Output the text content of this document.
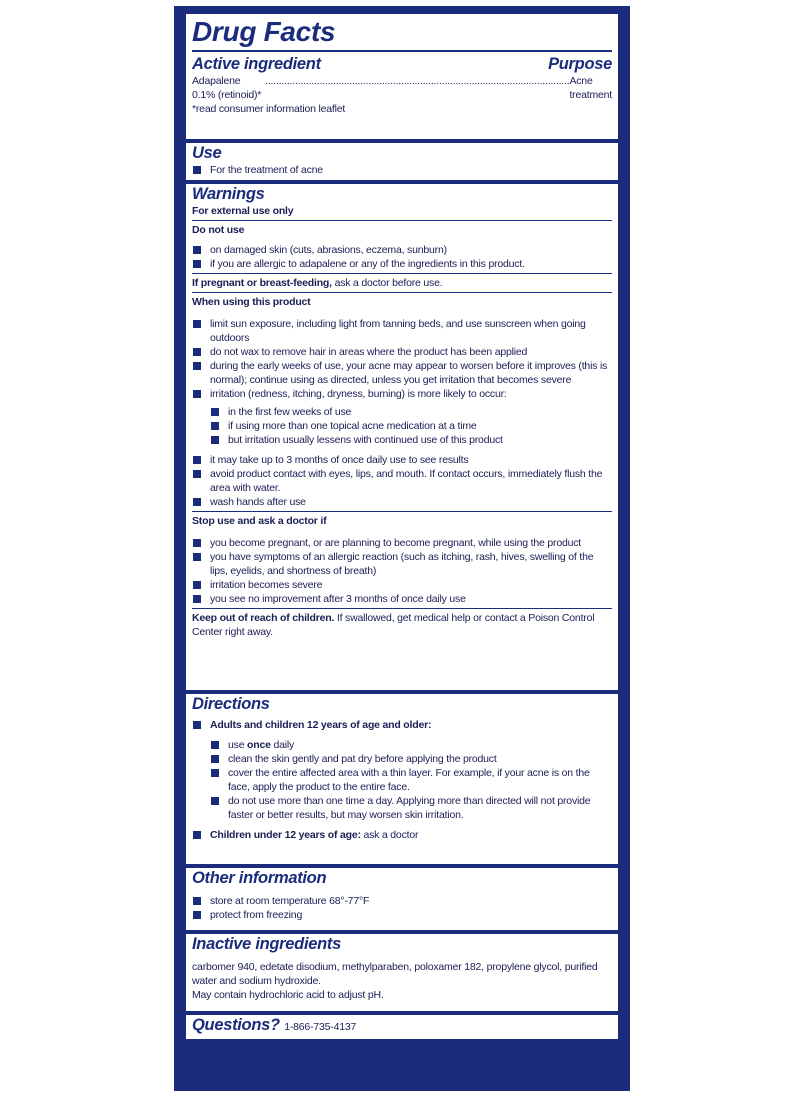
Drug Facts
Active ingredient	Purpose
Adapalene 0.1% (retinoid)*
................................................................................................................ Acne treatment
*read consumer information leaflet
Use
For the treatment of acne
Warnings
For external use only
Do not use
on damaged skin (cuts, abrasions, eczema, sunburn)
if you are allergic to adapalene or any of the ingredients in this product.
If pregnant or breast-feeding, ask a doctor before use.
When using this product
limit sun exposure, including light from tanning beds, and use sunscreen when going outdoors
do not wax to remove hair in areas where the product has been applied
during the early weeks of use, your acne may appear to worsen before it improves (this is normal); continue using as directed, unless you get irritation that becomes severe
irritation (redness, itching, dryness, burning) is more likely to occur:
in the first few weeks of use
if using more than one topical acne medication at a time
but irritation usually lessens with continued use of this product
it may take up to 3 months of once daily use to see results
avoid product contact with eyes, lips, and mouth. If contact occurs, immediately flush the area with water.
wash hands after use
Stop use and ask a doctor if
you become pregnant, or are planning to become pregnant, while using the product
you have symptoms of an allergic reaction (such as itching, rash, hives, swelling of the lips, eyelids, and shortness of breath)
irritation becomes severe
you see no improvement after 3 months of once daily use
Keep out of reach of children. If swallowed, get medical help or contact a Poison Control Center right away.
Directions
Adults and children 12 years of age and older:
use once daily
clean the skin gently and pat dry before applying the product
cover the entire affected area with a thin layer. For example, if your acne is on the face, apply the product to the entire face.
do not use more than one time a day. Applying more than directed will not provide faster or better results, but may worsen skin irritation.
Children under 12 years of age: ask a doctor
Other information
store at room temperature 68°-77°F
protect from freezing
Inactive ingredients
carbomer 940, edetate disodium, methylparaben, poloxamer 182, propylene glycol, purified water and sodium hydroxide.
May contain hydrochloric acid to adjust pH.
Questions? 1-866-735-4137
